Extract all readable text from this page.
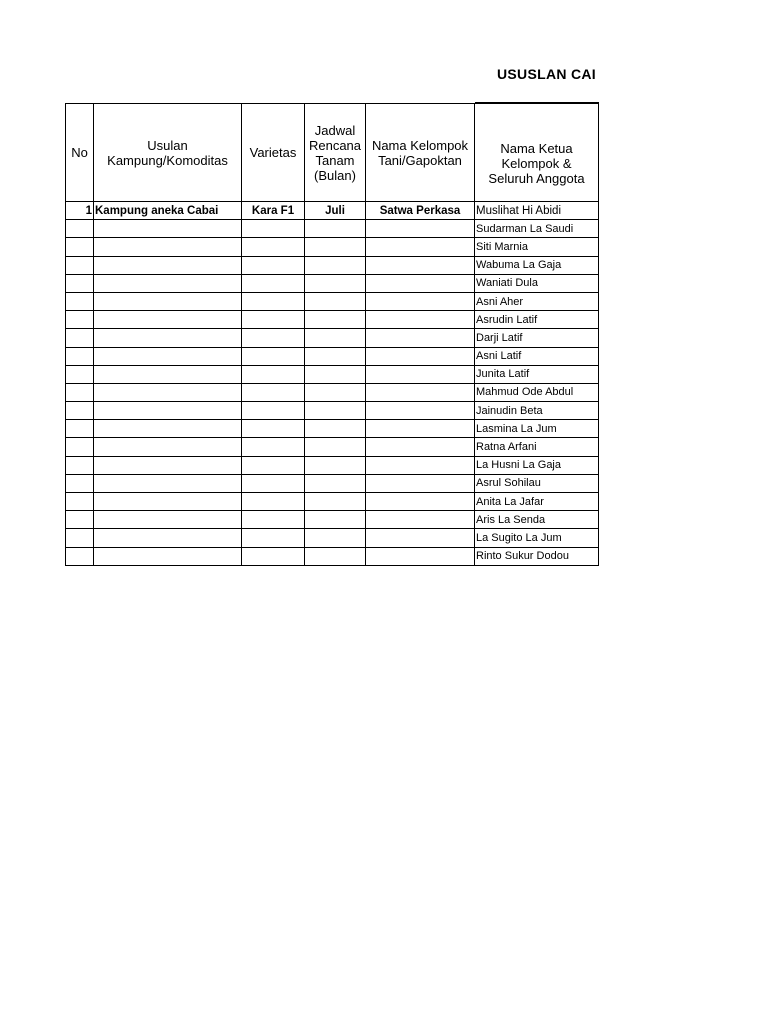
USUSLAN CAI
No	Usulan Kampung/Komoditas	Varietas	Jadwal Rencana Tanam (Bulan)	Nama Kelompok Tani/Gapoktan	Nama Ketua Kelompok & Seluruh Anggota
1	Kampung aneka Cabai	Kara F1	Juli	Satwa Perkasa	Muslihat Hi Abidi
					Sudarman La Saudi
					Siti Marnia
					Wabuma La Gaja
					Waniati Dula
					Asni Aher
					Asrudin Latif
					Darji Latif
					Asni Latif
					Junita Latif
					Mahmud Ode Abdul
					Jainudin Beta
					Lasmina La Jum
					Ratna Arfani
					La Husni La Gaja
					Asrul Sohilau
					Anita La Jafar
					Aris La Senda
					La Sugito La Jum
					Rinto Sukur Dodou
